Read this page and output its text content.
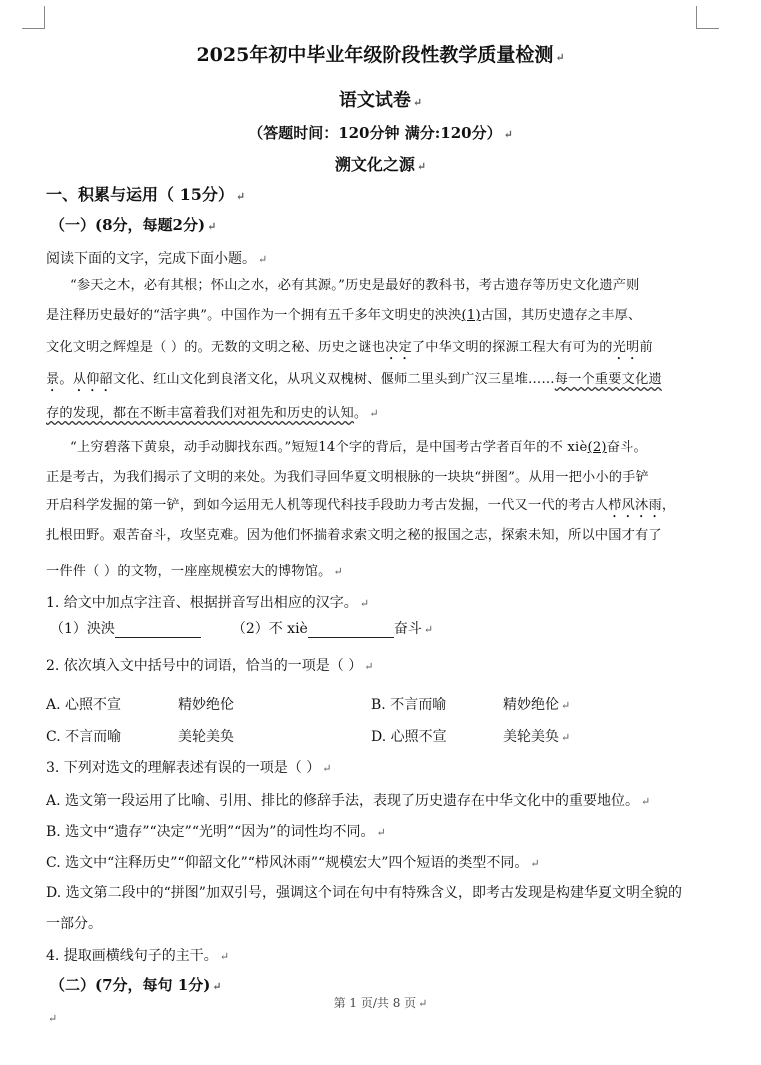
2025年初中毕业年级阶段性教学质量检测 ↵
语文试卷 ↵
（答题时间：120分钟 满分:120分） ↵
溯文化之源 ↵
一、积累与运用（ 15分） ↵
（一）(8分，每题2分) ↵
阅读下面的文字，完成下面小题。 ↵
“参天之木，必有其根；怀山之水，必有其源。”历史是最好的教科书，考古遗存等历史文化遗产则
是注释历史最好的“活字典”。中国作为一个拥有五千多年文明史的泱泱(1)古国，其历史遗存之丰厚、
文化文明之辉煌是（ ）的。无数的文明之秘、历史之谜也决定了中华文明的探源工程大有可为的光明前
景。从仰韶文化、红山文化到良渚文化，从巩义双槐树、偃师二里头到广汉三星堆……每一个重要文化遗
存的发现，都在不断丰富着我们对祖先和历史的认知。 ↵
“上穷碧落下黄泉，动手动脚找东西。”短短14个字的背后，是中国考古学者百年的不 xiè(2)奋斗。
正是考古，为我们揭示了文明的来处。为我们寻回华夏文明根脉的一块块“拼图”。从用一把小小的手铲
开启科学发掘的第一铲，到如今运用无人机等现代科技手段助力考古发掘，一代又一代的考古人栉风沐雨，
扎根田野。艰苦奋斗，攻坚克难。因为他们怀揣着求索文明之秘的报国之志，探索未知，所以中国才有了
一件件（ ）的文物，一座座规模宏大的博物馆。 ↵
1. 给文中加点字注音、根据拼音写出相应的汉字。 ↵
（1）泱泱	（2）不 xiè	奋斗 ↵
2. 依次填入文中括号中的词语，恰当的一项是（ ） ↵
A. 心照不宣	精妙绝伦	B. 不言而喻	精妙绝伦 ↵
C. 不言而喻	美轮美奂	D. 心照不宣	美轮美奂 ↵
3. 下列对选文的理解表述有误的一项是（ ） ↵
A. 选文第一段运用了比喻、引用、排比的修辞手法，表现了历史遗存在中华文化中的重要地位。 ↵
B. 选文中“遗存”“决定”“光明”“因为”的词性均不同。 ↵
C. 选文中“注释历史”“仰韶文化”“栉风沐雨”“规模宏大”四个短语的类型不同。 ↵
D. 选文第二段中的“拼图”加双引号，强调这个词在句中有特殊含义，即考古发现是构建华夏文明全貌的
一部分。
4. 提取画横线句子的主干。 ↵
（二）(7分，每句 1分) ↵
第 1 页/共 8 页 ↵
↵
